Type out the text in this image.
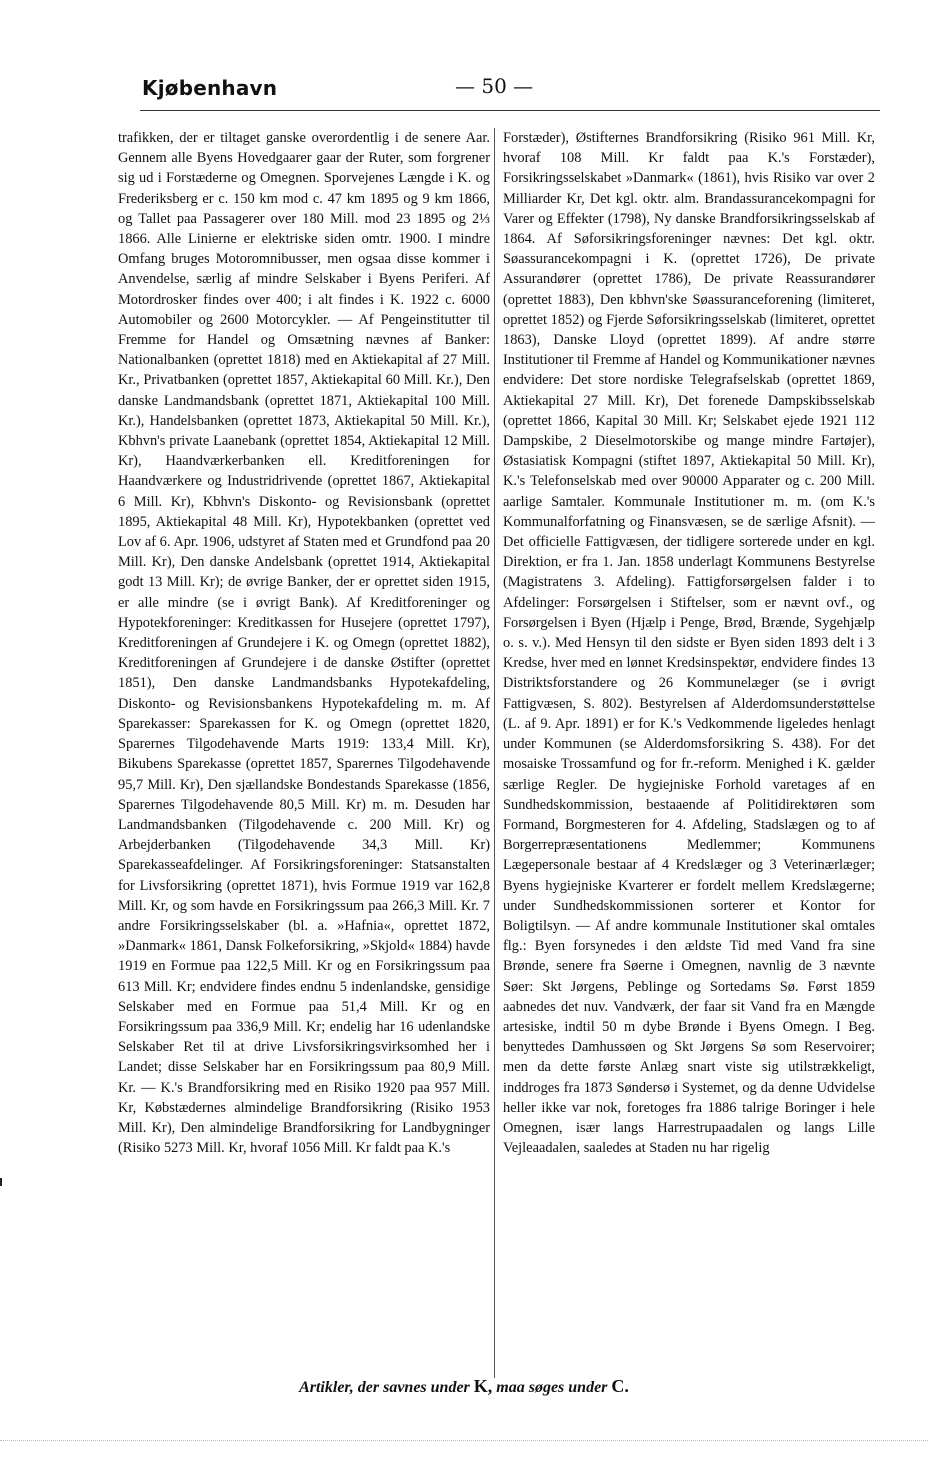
Kjøbenhavn	— 50 —

trafikken, der er tiltaget ganske overordentlig i de senere Aar. Gennem alle Byens Hovedgaarer gaar der Ruter, som forgrener sig ud i Forstæderne og Omegnen. Sporvejenes Længde i K. og Frederiksberg er c. 150 km mod c. 47 km 1895 og 9 km 1866, og Tallet paa Passagerer over 180 Mill. mod 23 1895 og 2⅓ 1866. Alle Linierne er elektriske siden omtr. 1900. I mindre Omfang bruges Motoromnibusser, men ogsaa disse kommer i Anvendelse, særlig af mindre Selskaber i Byens Periferi. Af Motordrosker findes over 400; i alt findes i K. 1922 c. 6000 Automobiler og 2600 Motorcykler. — Af Pengeinstitutter til Fremme for Handel og Omsætning nævnes af Banker: Nationalbanken (oprettet 1818) med en Aktiekapital af 27 Mill. Kr., Privatbanken (oprettet 1857, Aktiekapital 60 Mill. Kr.), Den danske Landmandsbank (oprettet 1871, Aktiekapital 100 Mill. Kr.), Handelsbanken (oprettet 1873, Aktiekapital 50 Mill. Kr.), Kbhvn's private Laanebank (oprettet 1854, Aktiekapital 12 Mill. Kr), Haandværkerbanken ell. Kreditforeningen for Haandværkere og Industridrivende (oprettet 1867, Aktiekapital 6 Mill. Kr), Kbhvn's Diskonto- og Revisionsbank (oprettet 1895, Aktiekapital 48 Mill. Kr), Hypotekbanken (oprettet ved Lov af 6. Apr. 1906, udstyret af Staten med et Grundfond paa 20 Mill. Kr), Den danske Andelsbank (oprettet 1914, Aktiekapital godt 13 Mill. Kr); de øvrige Banker, der er oprettet siden 1915, er alle mindre (se i øvrigt Bank). Af Kreditforeninger og Hypotekforeninger: Kreditkassen for Husejere (oprettet 1797), Kreditforeningen af Grundejere i K. og Omegn (oprettet 1882), Kreditforeningen af Grundejere i de danske Østifter (oprettet 1851), Den danske Landmandsbanks Hypotekafdeling, Diskonto- og Revisionsbankens Hypotekafdeling m. m. Af Sparekasser: Sparekassen for K. og Omegn (oprettet 1820, Sparernes Tilgodehavende Marts 1919: 133,4 Mill. Kr), Bikubens Sparekasse (oprettet 1857, Sparernes Tilgodehavende 95,7 Mill. Kr), Den sjællandske Bondestands Sparekasse (1856, Sparernes Tilgodehavende 80,5 Mill. Kr) m. m. Desuden har Landmandsbanken (Tilgodehavende c. 200 Mill. Kr) og Arbejderbanken (Tilgodehavende 34,3 Mill. Kr) Sparekasseafdelinger. Af Forsikringsforeninger: Statsanstalten for Livsforsikring (oprettet 1871), hvis Formue 1919 var 162,8 Mill. Kr, og som havde en Forsikringssum paa 266,3 Mill. Kr. 7 andre Forsikringsselskaber (bl. a. »Hafnia«, oprettet 1872, »Danmark« 1861, Dansk Folkeforsikring, »Skjold« 1884) havde 1919 en Formue paa 122,5 Mill. Kr og en Forsikringssum paa 613 Mill. Kr; endvidere findes endnu 5 indenlandske, gensidige Selskaber med en Formue paa 51,4 Mill. Kr og en Forsikringssum paa 336,9 Mill. Kr; endelig har 16 udenlandske Selskaber Ret til at drive Livsforsikringsvirksomhed her i Landet; disse Selskaber har en Forsikringssum paa 80,9 Mill. Kr. — K.'s Brandforsikring med en Risiko 1920 paa 957 Mill. Kr, Købstædernes almindelige Brandforsikring (Risiko 1953 Mill. Kr), Den almindelige Brandforsikring for Landbygninger (Risiko 5273 Mill. Kr, hvoraf 1056 Mill. Kr faldt paa K.'s

Forstæder), Østifternes Brandforsikring (Risiko 961 Mill. Kr, hvoraf 108 Mill. Kr faldt paa K.'s Forstæder), Forsikringsselskabet »Danmark« (1861), hvis Risiko var over 2 Milliarder Kr, Det kgl. oktr. alm. Brandassurancekompagni for Varer og Effekter (1798), Ny danske Brandforsikringsselskab af 1864. Af Søforsikringsforeninger nævnes: Det kgl. oktr. Søassurancekompagni i K. (oprettet 1726), De private Assurandører (oprettet 1786), De private Reassurandører (oprettet 1883), Den kbhvn'ske Søassuranceforening (limiteret, oprettet 1852) og Fjerde Søforsikringsselskab (limiteret, oprettet 1863), Danske Lloyd (oprettet 1899). Af andre større Institutioner til Fremme af Handel og Kommunikationer nævnes endvidere: Det store nordiske Telegrafselskab (oprettet 1869, Aktiekapital 27 Mill. Kr), Det forenede Dampskibsselskab (oprettet 1866, Kapital 30 Mill. Kr; Selskabet ejede 1921 112 Dampskibe, 2 Dieselmotorskibe og mange mindre Fartøjer), Østasiatisk Kompagni (stiftet 1897, Aktiekapital 50 Mill. Kr), K.'s Telefonselskab med over 90000 Apparater og c. 200 Mill. aarlige Samtaler. Kommunale Institutioner m. m. (om K.'s Kommunalforfatning og Finansvæsen, se de særlige Afsnit). — Det officielle Fattigvæsen, der tidligere sorterede under en kgl. Direktion, er fra 1. Jan. 1858 underlagt Kommunens Bestyrelse (Magistratens 3. Afdeling). Fattigforsørgelsen falder i to Afdelinger: Forsørgelsen i Stiftelser, som er nævnt ovf., og Forsørgelsen i Byen (Hjælp i Penge, Brød, Brænde, Sygehjælp o. s. v.). Med Hensyn til den sidste er Byen siden 1893 delt i 3 Kredse, hver med en lønnet Kredsinspektør, endvidere findes 13 Distriktsforstandere og 26 Kommunelæger (se i øvrigt Fattigvæsen, S. 802). Bestyrelsen af Alderdomsunderstøttelse (L. af 9. Apr. 1891) er for K.'s Vedkommende ligeledes henlagt under Kommunen (se Alderdomsforsikring S. 438). For det mosaiske Trossamfund og for fr.-reform. Menighed i K. gælder særlige Regler. De hygiejniske Forhold varetages af en Sundhedskommission, bestaaende af Politidirektøren som Formand, Borgmesteren for 4. Afdeling, Stadslægen og to af Borgerrepræsentationens Medlemmer; Kommunens Lægepersonale bestaar af 4 Kredslæger og 3 Veterinærlæger; Byens hygiejniske Kvarterer er fordelt mellem Kredslægerne; under Sundhedskommissionen sorterer et Kontor for Boligtilsyn. — Af andre kommunale Institutioner skal omtales flg.: Byen forsynedes i den ældste Tid med Vand fra sine Brønde, senere fra Søerne i Omegnen, navnlig de 3 nævnte Søer: Skt Jørgens, Peblinge og Sortedams Sø. Først 1859 aabnedes det nuv. Vandværk, der faar sit Vand fra en Mængde artesiske, indtil 50 m dybe Brønde i Byens Omegn. I Beg. benyttedes Damhussøen og Skt Jørgens Sø som Reservoirer; men da dette første Anlæg snart viste sig utilstrækkeligt, inddroges fra 1873 Søndersø i Systemet, og da denne Udvidelse heller ikke var nok, foretoges fra 1886 talrige Boringer i hele Omegnen, især langs Harrestrupaadalen og langs Lille Vejleaadalen, saaledes at Staden nu har rigelig

Artikler, der savnes under K, maa søges under C.
